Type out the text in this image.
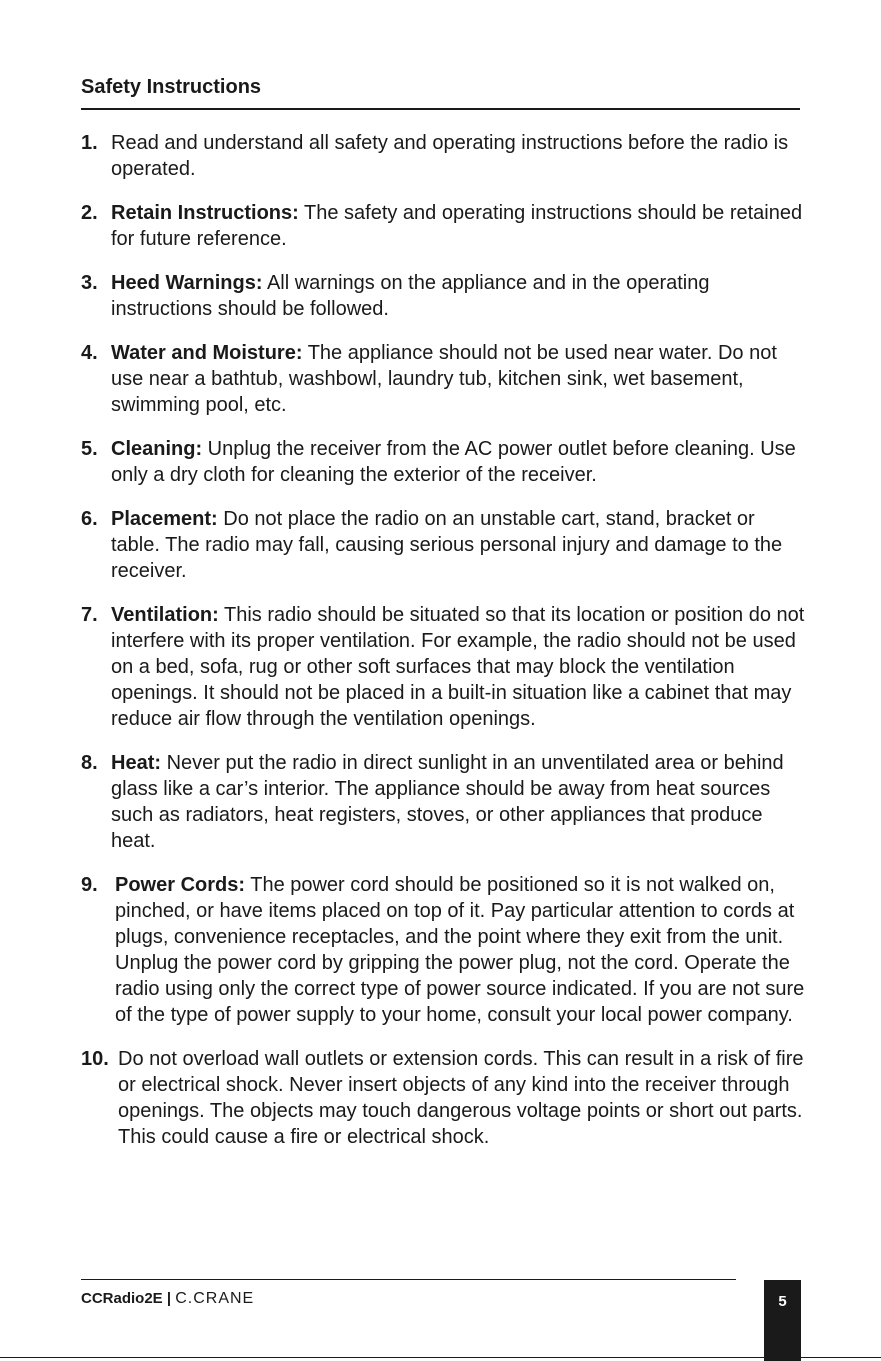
Safety Instructions
1. Read and understand all safety and operating instructions before the radio is operated.
2. Retain Instructions: The safety and operating instructions should be retained for future reference.
3. Heed Warnings: All warnings on the appliance and in the operating instructions should be followed.
4. Water and Moisture: The appliance should not be used near water. Do not use near a bathtub, washbowl, laundry tub, kitchen sink, wet basement, swimming pool, etc.
5. Cleaning: Unplug the receiver from the AC power outlet before cleaning. Use only a dry cloth for cleaning the exterior of the receiver.
6. Placement: Do not place the radio on an unstable cart, stand, bracket or table. The radio may fall, causing serious personal injury and damage to the receiver.
7. Ventilation: This radio should be situated so that its location or position do not interfere with its proper ventilation. For example, the radio should not be used on a bed, sofa, rug or other soft surfaces that may block the ventilation openings. It should not be placed in a built-in situation like a cabinet that may reduce air flow through the ventilation openings.
8. Heat: Never put the radio in direct sunlight in an unventilated area or behind glass like a car’s interior. The appliance should be away from heat sources such as radiators, heat registers, stoves, or other appliances that produce heat.
9. Power Cords: The power cord should be positioned so it is not walked on, pinched, or have items placed on top of it. Pay particular attention to cords at plugs, convenience receptacles, and the point where they exit from the unit. Unplug the power cord by gripping the power plug, not the cord. Operate the radio using only the correct type of power source indicated. If you are not sure of the type of power supply to your home, consult your local power company.
10. Do not overload wall outlets or extension cords. This can result in a risk of fire or electrical shock. Never insert objects of any kind into the receiver through openings. The objects may touch dangerous voltage points or short out parts. This could cause a fire or electrical shock.
CCRadio2E | C.CRANE	5
